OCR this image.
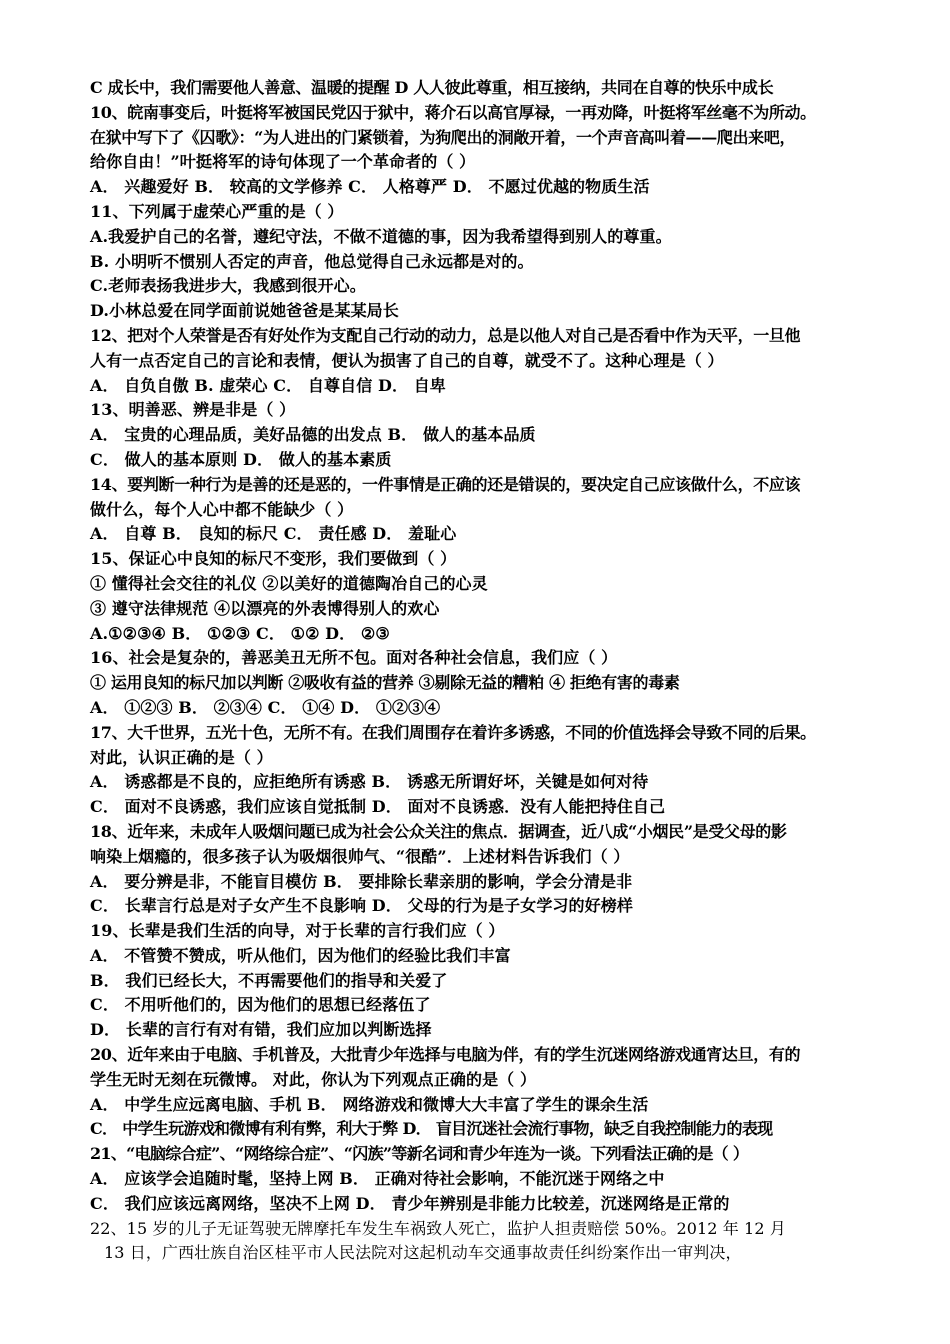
C 成长中，我们需要他人善意、温暖的提醒 D 人人彼此尊重，相互接纳，共同在自尊的快乐中成长
10、皖南事变后，叶挺将军被国民党囚于狱中，蒋介石以高官厚禄，一再劝降，叶挺将军丝毫不为所动。
在狱中写下了《囚歌》：“为人进出的门紧锁着，为狗爬出的洞敞开着，一个声音高叫着——爬出来吧，
给你自由！”叶挺将军的诗句体现了一个革命者的（ ）
A． 兴趣爱好 B． 较高的文学修养 C． 人格尊严 D． 不愿过优越的物质生活
11、下列属于虚荣心严重的是（ ）
A.我爱护自己的名誉，遵纪守法，不做不道德的事，因为我希望得到别人的尊重。
B. 小明听不惯别人否定的声音，他总觉得自己永远都是对的。
C.老师表扬我进步大，我感到很开心。
D.小林总爱在同学面前说她爸爸是某某局长
12、把对个人荣誉是否有好处作为支配自己行动的动力，总是以他人对自己是否看中作为天平，一旦他
人有一点否定自己的言论和表情，便认为损害了自己的自尊，就受不了。这种心理是（ ）
A． 自负自傲 B. 虚荣心 C． 自尊自信 D． 自卑
13、明善恶、辨是非是（ ）
A． 宝贵的心理品质，美好品德的出发点 B． 做人的基本品质
C． 做人的基本原则 D． 做人的基本素质
14、要判断一种行为是善的还是恶的，一件事情是正确的还是错误的，要决定自己应该做什么，不应该
做什么，每个人心中都不能缺少（ ）
A． 自尊 B． 良知的标尺 C． 责任感 D． 羞耻心
15、保证心中良知的标尺不变形，我们要做到（ ）
① 懂得社会交往的礼仪 ②以美好的道德陶冶自己的心灵
③ 遵守法律规范 ④以漂亮的外表博得别人的欢心
A.①②③④ B． ①②③ C． ①② D． ②③
16、社会是复杂的，善恶美丑无所不包。面对各种社会信息，我们应（ ）
① 运用良知的标尺加以判断 ②吸收有益的营养 ③剔除无益的糟粕 ④ 拒绝有害的毒素
A． ①②③ B． ②③④ C． ①④ D． ①②③④
17、大千世界，五光十色，无所不有。在我们周围存在着许多诱惑，不同的价值选择会导致不同的后果。
对此，认识正确的是（ ）
A． 诱惑都是不良的，应拒绝所有诱惑 B． 诱惑无所谓好坏，关键是如何对待
C． 面对不良诱惑，我们应该自觉抵制 D． 面对不良诱惑．没有人能把持住自己
18、近年来，未成年人吸烟问题已成为社会公众关注的焦点．据调查，近八成“小烟民”是受父母的影
响染上烟瘾的，很多孩子认为吸烟很帅气、“很酷”．上述材料告诉我们（ ）
A． 要分辨是非，不能盲目模仿 B． 要排除长辈亲朋的影响，学会分清是非
C． 长辈言行总是对子女产生不良影响 D． 父母的行为是子女学习的好榜样
19、长辈是我们生活的向导，对于长辈的言行我们应（ ）
A． 不管赞不赞成，听从他们，因为他们的经验比我们丰富
B． 我们已经长大，不再需要他们的指导和关爱了
C． 不用听他们的，因为他们的思想已经落伍了
D． 长辈的言行有对有错，我们应加以判断选择
20、近年来由于电脑、手机普及，大批青少年选择与电脑为伴，有的学生沉迷网络游戏通宵达旦，有的
学生无时无刻在玩微博。 对此，你认为下列观点正确的是（ ）
A． 中学生应远离电脑、手机 B． 网络游戏和微博大大丰富了学生的课余生活
C． 中学生玩游戏和微博有利有弊，利大于弊 D． 盲目沉迷社会流行事物，缺乏自我控制能力的表现
21、“电脑综合症”、“网络综合症”、“闪族”等新名词和青少年连为一谈。下列看法正确的是（ ）
A． 应该学会追随时髦，坚持上网 B． 正确对待社会影响，不能沉迷于网络之中
C． 我们应该远离网络，坚决不上网 D． 青少年辨别是非能力比较差，沉迷网络是正常的
22、15 岁的儿子无证驾驶无牌摩托车发生车祸致人死亡，监护人担责赔偿 50%。2012 年 12 月
13 日，广西壮族自治区桂平市人民法院对这起机动车交通事故责任纠纷案作出一审判决，
